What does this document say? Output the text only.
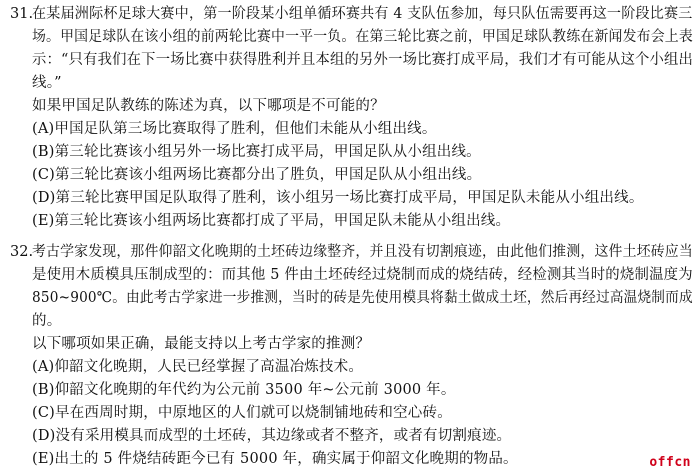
31.
在某届洲际杯足球大赛中，第一阶段某小组单循环赛共有 4 支队伍参加，每只队伍需要再这一阶段比赛三
场。甲国足球队在该小组的前两轮比赛中一平一负。在第三轮比赛之前，甲国足球队教练在新闻发布会上表
示：“只有我们在下一场比赛中获得胜利并且本组的另外一场比赛打成平局，我们才有可能从这个小组出
线。”
如果甲国足队教练的陈述为真，以下哪项是不可能的？
(A)甲国足队第三场比赛取得了胜利，但他们未能从小组出线。
(B)第三轮比赛该小组另外一场比赛打成平局，甲国足队从小组出线。
(C)第三轮比赛该小组两场比赛都分出了胜负，甲国足队从小组出线。
(D)第三轮比赛甲国足队取得了胜利，该小组另一场比赛打成平局，甲国足队未能从小组出线。
(E)第三轮比赛该小组两场比赛都打成了平局，甲国足队未能从小组出线。
32.
考古学家发现，那件仰韶文化晚期的土坯砖边缘整齐，并且没有切割痕迹，由此他们推测，这件土坯砖应当
是使用木质模具压制成型的：而其他 5 件由土坯砖经过烧制而成的烧结砖，经检测其当时的烧制温度为
850~900℃。由此考古学家进一步推测，当时的砖是先使用模具将黏土做成土坯，然后再经过高温烧制而成
的。
以下哪项如果正确，最能支持以上考古学家的推测？
(A)仰韶文化晚期，人民已经掌握了高温冶炼技术。
(B)仰韶文化晚期的年代约为公元前 3500 年~公元前 3000 年。
(C)早在西周时期，中原地区的人们就可以烧制铺地砖和空心砖。
(D)没有采用模具而成型的土坯砖，其边缘或者不整齐，或者有切割痕迹。
(E)出土的 5 件烧结砖距今已有 5000 年，确实属于仰韶文化晚期的物品。	offcn
